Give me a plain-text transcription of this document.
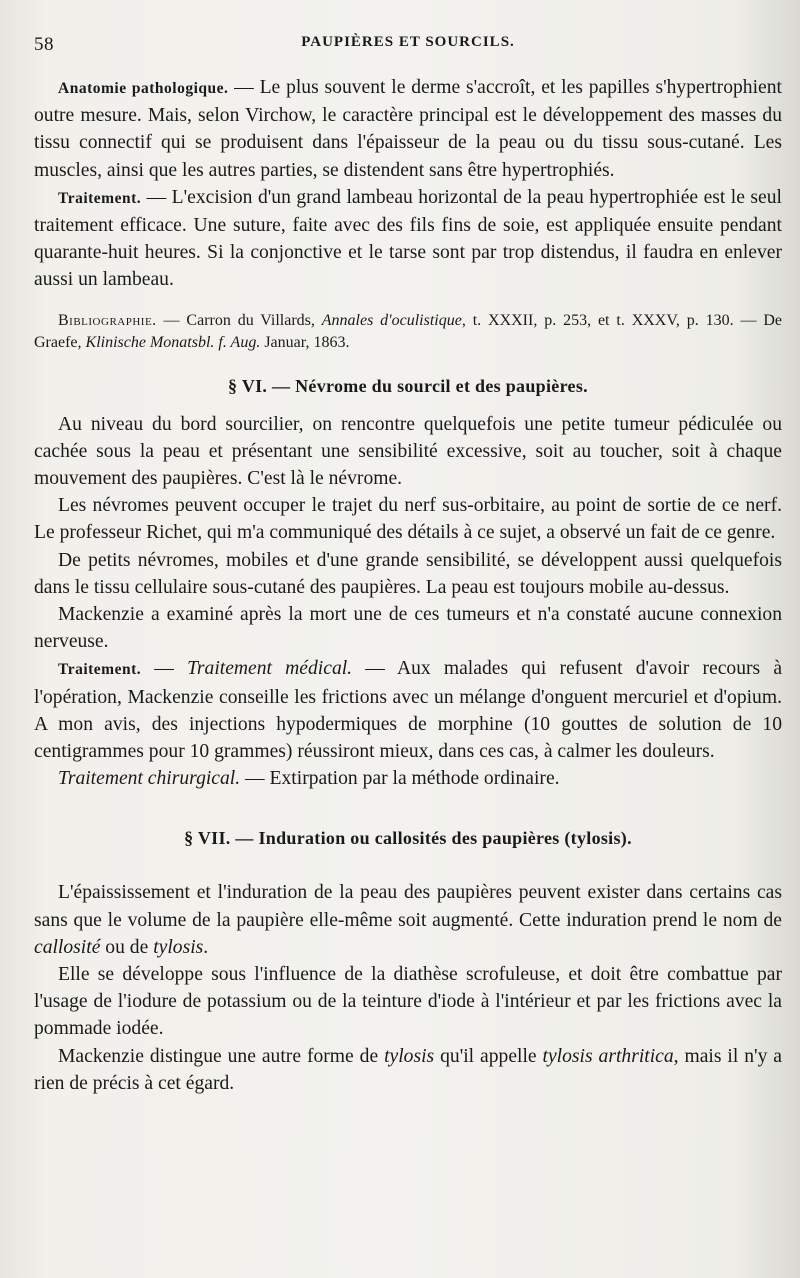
58	PAUPIÈRES ET SOURCILS.

Anatomie pathologique. — Le plus souvent le derme s'accroît, et les papilles s'hypertrophient outre mesure. Mais, selon Virchow, le caractère principal est le développement des masses du tissu connectif qui se produisent dans l'épaisseur de la peau ou du tissu sous-cutané. Les muscles, ainsi que les autres parties, se distendent sans être hypertrophiés.

Traitement. — L'excision d'un grand lambeau horizontal de la peau hypertrophiée est le seul traitement efficace. Une suture, faite avec des fils fins de soie, est appliquée ensuite pendant quarante-huit heures. Si la conjonctive et le tarse sont par trop distendus, il faudra en enlever aussi un lambeau.

Bibliographie. — Carron du Villards, Annales d'oculistique, t. XXXII, p. 253, et t. XXXV, p. 130. — De Graefe, Klinische Monatsbl. f. Aug. Januar, 1863.

§ VI. — Névrome du sourcil et des paupières.

Au niveau du bord sourcilier, on rencontre quelquefois une petite tumeur pédiculée ou cachée sous la peau et présentant une sensibilité excessive, soit au toucher, soit à chaque mouvement des paupières. C'est là le névrome.

Les névromes peuvent occuper le trajet du nerf sus-orbitaire, au point de sortie de ce nerf. Le professeur Richet, qui m'a communiqué des détails à ce sujet, a observé un fait de ce genre.

De petits névromes, mobiles et d'une grande sensibilité, se développent aussi quelquefois dans le tissu cellulaire sous-cutané des paupières. La peau est toujours mobile au-dessus.

Mackenzie a examiné après la mort une de ces tumeurs et n'a constaté aucune connexion nerveuse.

Traitement. — Traitement médical. — Aux malades qui refusent d'avoir recours à l'opération, Mackenzie conseille les frictions avec un mélange d'onguent mercuriel et d'opium. A mon avis, des injections hypodermiques de morphine (10 gouttes de solution de 10 centigrammes pour 10 grammes) réussiront mieux, dans ces cas, à calmer les douleurs.

Traitement chirurgical. — Extirpation par la méthode ordinaire.

§ VII. — Induration ou callosités des paupières (tylosis).

L'épaississement et l'induration de la peau des paupières peuvent exister dans certains cas sans que le volume de la paupière elle-même soit augmenté. Cette induration prend le nom de callosité ou de tylosis.

Elle se développe sous l'influence de la diathèse scrofuleuse, et doit être combattue par l'usage de l'iodure de potassium ou de la teinture d'iode à l'intérieur et par les frictions avec la pommade iodée.

Mackenzie distingue une autre forme de tylosis qu'il appelle tylosis arthritica, mais il n'y a rien de précis à cet égard.
